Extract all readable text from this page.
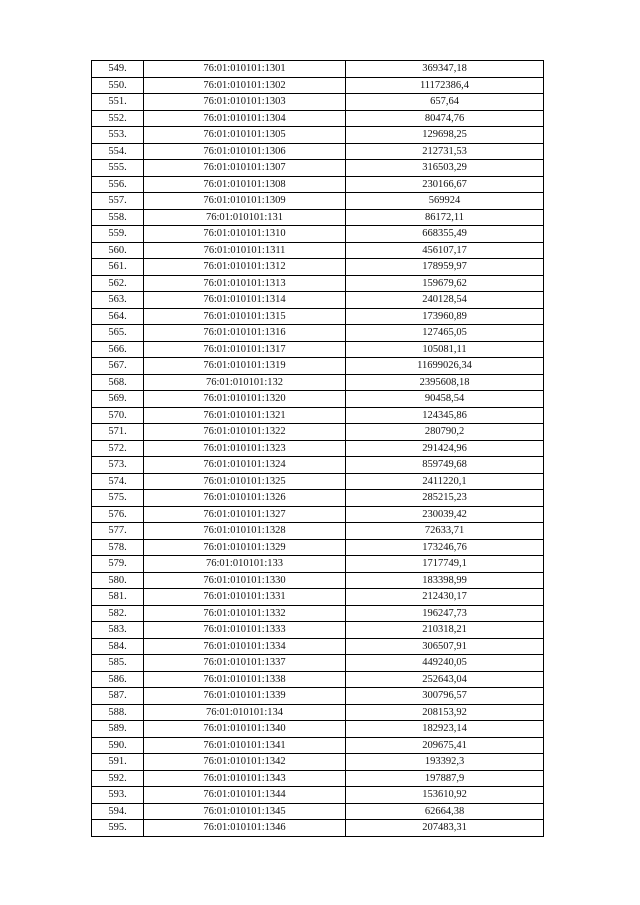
549.	76:01:010101:1301	369347,18
550.	76:01:010101:1302	11172386,4
551.	76:01:010101:1303	657,64
552.	76:01:010101:1304	80474,76
553.	76:01:010101:1305	129698,25
554.	76:01:010101:1306	212731,53
555.	76:01:010101:1307	316503,29
556.	76:01:010101:1308	230166,67
557.	76:01:010101:1309	569924
558.	76:01:010101:131	86172,11
559.	76:01:010101:1310	668355,49
560.	76:01:010101:1311	456107,17
561.	76:01:010101:1312	178959,97
562.	76:01:010101:1313	159679,62
563.	76:01:010101:1314	240128,54
564.	76:01:010101:1315	173960,89
565.	76:01:010101:1316	127465,05
566.	76:01:010101:1317	105081,11
567.	76:01:010101:1319	11699026,34
568.	76:01:010101:132	2395608,18
569.	76:01:010101:1320	90458,54
570.	76:01:010101:1321	124345,86
571.	76:01:010101:1322	280790,2
572.	76:01:010101:1323	291424,96
573.	76:01:010101:1324	859749,68
574.	76:01:010101:1325	2411220,1
575.	76:01:010101:1326	285215,23
576.	76:01:010101:1327	230039,42
577.	76:01:010101:1328	72633,71
578.	76:01:010101:1329	173246,76
579.	76:01:010101:133	1717749,1
580.	76:01:010101:1330	183398,99
581.	76:01:010101:1331	212430,17
582.	76:01:010101:1332	196247,73
583.	76:01:010101:1333	210318,21
584.	76:01:010101:1334	306507,91
585.	76:01:010101:1337	449240,05
586.	76:01:010101:1338	252643,04
587.	76:01:010101:1339	300796,57
588.	76:01:010101:134	208153,92
589.	76:01:010101:1340	182923,14
590.	76:01:010101:1341	209675,41
591.	76:01:010101:1342	193392,3
592.	76:01:010101:1343	197887,9
593.	76:01:010101:1344	153610,92
594.	76:01:010101:1345	62664,38
595.	76:01:010101:1346	207483,31
